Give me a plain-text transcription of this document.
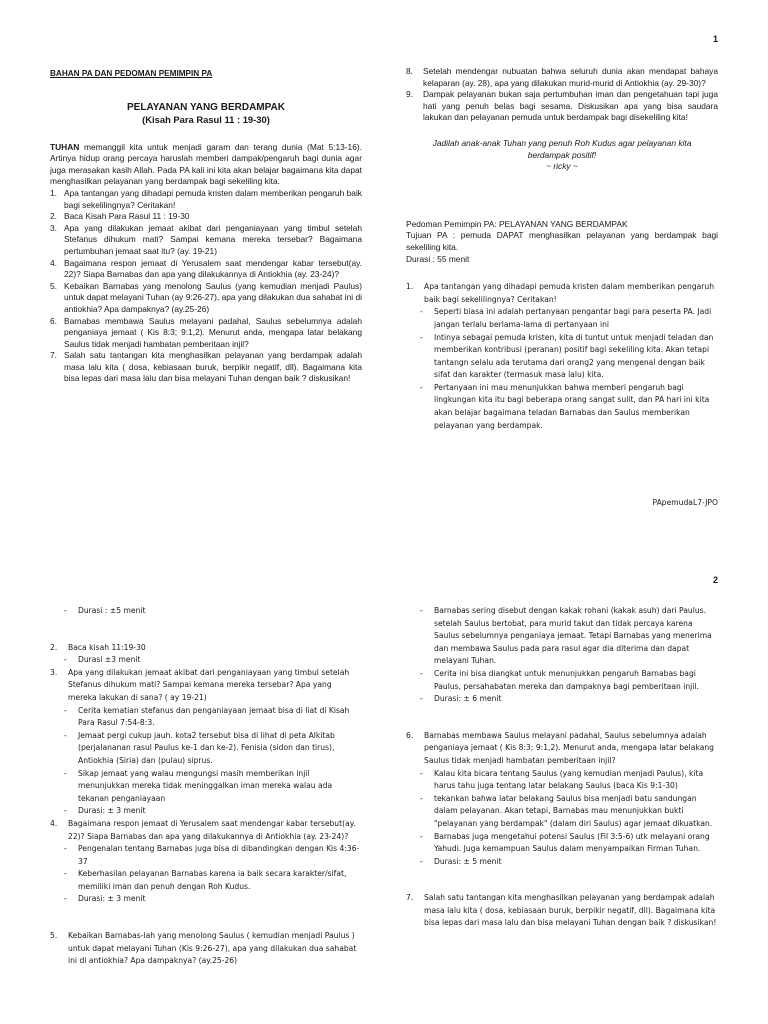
1
BAHAN PA DAN PEDOMAN PEMIMPIN PA
PELAYANAN YANG BERDAMPAK
(Kisah Para Rasul 11 : 19-30)
TUHAN memanggil kita untuk menjadi garam dan terang dunia (Mat 5:13-16). Artinya hidup orang percaya haruslah memberi dampak/pengaruh bagi dunia agar juga merasakan kasih Allah. Pada PA kali ini kita akan belajar bagaimana kita dapat menghasilkan pelayanan yang berdampak bagi sekeliling kita.
1. Apa tantangan yang dihadapi pemuda kristen dalam memberikan pengaruh baik bagi sekelilingnya? Ceritakan!
2. Baca Kisah Para Rasul 11 : 19-30
3. Apa yang dilakukan jemaat akibat dari penganiayaan yang timbul setelah Stefanus dihukum mati? Sampai kemana mereka tersebar? Bagaimana pertumbuhan jemaat saat itu? (ay. 19-21)
4. Bagaimana respon jemaat di Yerusalem saat mendengar kabar tersebut(ay. 22)? Siapa Barnabas dan apa yang dilakukannya di Antiokhia (ay. 23-24)?
5. Kebaikan Barnabas yang menolong Saulus (yang kemudian menjadi Paulus) untuk dapat melayani Tuhan (ay 9:26-27), apa yang dilakukan dua sahabat ini di antiokhia? Apa dampaknya? (ay.25-26)
6. Barnabas membawa Saulus melayani padahal, Saulus sebelumnya adalah penganiaya jemaat ( Kis 8:3; 9:1,2). Menurut anda, mengapa latar belakang Saulus tidak menjadi hambatan pemberitaan injil?
7. Salah satu tantangan kita menghasilkan pelayanan yang berdampak adalah masa lalu kita ( dosa, kebiasaan buruk, berpikir negatif, dll). Bagaimana kita bisa lepas dari masa lalu dan bisa melayani Tuhan dengan baik ? diskusikan!
8. Setelah mendengar nubuatan bahwa seluruh dunia akan mendapat bahaya kelaparan (ay. 28), apa yang dilakukan murid-murid di Antiokhia (ay. 29-30)?
9. Dampak pelayanan bukan saja pertumbuhan iman dan pengetahuan tapi juga hati yang penuh belas bagi sesama. Diskusikan apa yang bisa saudara lakukan dan pelayanan pemuda untuk berdampak bagi disekeliling kita!
Jadilah anak-anak Tuhan yang penuh Roh Kudus agar pelayanan kita berdampak positif!
~ ricky ~
Pedoman Pemimpin PA: PELAYANAN YANG BERDAMPAK
Tujuan PA : pemuda DAPAT menghasilkan pelayanan yang berdampak bagi sekeliling kita.
Durasi : 55 menit
1. Apa tantangan yang dihadapi pemuda kristen dalam memberikan pengaruh baik bagi sekelilingnya? Ceritakan!
- Seperti biasa ini adalah pertanyaan pengantar bagi para peserta PA. Jadi jangan terlalu berlama-lama di pertanyaan ini
- Intinya sebagai pemuda kristen, kita di tuntut untuk menjadi teladan dan memberikan kontribusi (peranan) positif bagi sekeliling kita. Akan tetapi tantangn selalu ada terutama dari orang2 yang mengenal dengan baik sifat dan karakter (termasuk masa lalu) kita.
- Pertanyaan ini mau menunjukkan bahwa memberi pengaruh bagi lingkungan kita itu bagi beberapa orang sangat sulit, dan PA hari ini kita akan belajar bagaimana teladan Barnabas dan Saulus memberikan pelayanan yang berdampak.
PApemudaL7-JPO
2
- Durasi : ±5 menit
2. Baca kisah 11:19-30
- Durasi ±3 menit
3. Apa yang dilakukan jemaat akibat dari penganiayaan yang timbul setelah Stefanus dihukum mati? Sampai kemana mereka tersebar? Apa yang mereka lakukan di sana? ( ay 19-21)
- Cerita kematian stefanus dan penganiayaan jemaat bisa di liat di Kisah Para Rasul 7:54-8:3.
- Jemaat pergi cukup jauh. kota2 tersebut bisa di lihat di peta Alkitab (perjalananan rasul Paulus ke-1 dan ke-2). Fenisia (sidon dan tirus), Antiokhia (Siria) dan (pulau) siprus.
- Sikap jemaat yang walau mengungsi masih memberikan injil menunjukkan mereka tidak meninggalkan iman mereka walau ada tekanan penganiayaan
- Durasi: ± 3 menit
4. Bagaimana respon jemaat di Yerusalem saat mendengar kabar tersebut(ay. 22)? Siapa Barnabas dan apa yang dilakukannya di Antiokhia (ay. 23-24)?
- Pengenalan tentang Barnabas juga bisa di dibandingkan dengan Kis 4:36-37
- Keberhasilan pelayanan Barnabas karena ia baik secara karakter/sifat, memiliki iman dan penuh dengan Roh Kudus.
- Durasi: ± 3 menit
5. Kebaikan Barnabas-lah yang menolong Saulus ( kemudian menjadi Paulus ) untuk dapat melayani Tuhan (Kis 9:26-27), apa yang dilakukan dua sahabat ini di antiokhia? Apa dampaknya? (ay.25-26)
- Barnabas sering disebut dengan kakak rohani (kakak asuh) dari Paulus. setelah Saulus bertobat, para murid takut dan tidak percaya karena Saulus sebelumnya penganiaya jemaat. Tetapi Barnabas yang menerima dan membawa Saulus pada para rasul agar dia diterima dan dapat melayani Tuhan.
- Cerita ini bisa diangkat untuk menunjukkan pengaruh Barnabas bagi Paulus, persahabatan mereka dan dampaknya bagi pemberitaan injil.
- Durasi: ± 6 menit
6. Barnabas membawa Saulus melayani padahal, Saulus sebelumnya adalah penganiaya jemaat ( Kis 8:3; 9:1,2). Menurut anda, mengapa latar belakang Saulus tidak menjadi hambatan pemberitaan injil?
- Kalau kita bicara tentang Saulus (yang kemudian menjadi Paulus), kita harus tahu juga tentang latar belakang Saulus (baca Kis 9:1-30)
- tekankan bahwa latar belakang Saulus bisa menjadi batu sandungan dalam pelayanan. Akan tetapi, Barnabas mau menunjukkan bukti "pelayanan yang berdampak" (dalam diri Saulus) agar jemaat dikuatkan.
- Barnabas juga mengetahui potensi Saulus (Fil 3:5-6) utk melayani orang Yahudi. Juga kemampuan Saulus dalam menyampaikan Firman Tuhan.
- Durasi: ± 5 menit
7. Salah satu tantangan kita menghasilkan pelayanan yang berdampak adalah masa lalu kita ( dosa, kebiasaan buruk, berpikir negatif, dll). Bagaimana kita bisa lepas dari masa lalu dan bisa melayani Tuhan dengan baik ? diskusikan!
